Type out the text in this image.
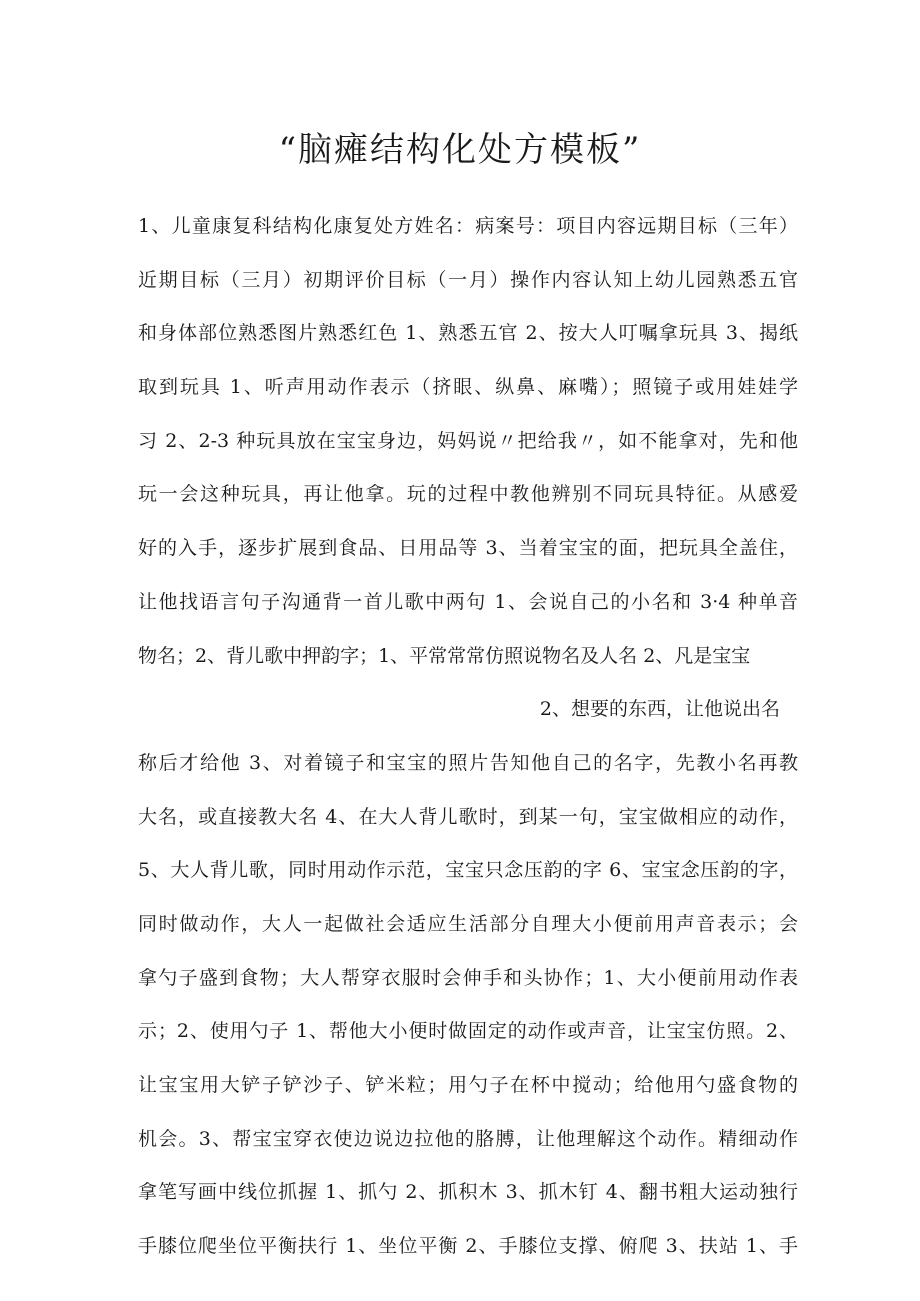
“脑瘫结构化处方模板”
1、儿童康复科结构化康复处方姓名：病案号：项目内容远期目标（三年）
近期目标（三月）初期评价目标（一月）操作内容认知上幼儿园熟悉五官
和身体部位熟悉图片熟悉红色 1、熟悉五官 2、按大人叮嘱拿玩具 3、揭纸
取到玩具 1、听声用动作表示（挤眼、纵鼻、麻嘴）；照镜子或用娃娃学
习 2、2-3 种玩具放在宝宝身边，妈妈说〃把给我〃，如不能拿对，先和他
玩一会这种玩具，再让他拿。玩的过程中教他辨别不同玩具特征。从感爱
好的入手，逐步扩展到食品、日用品等 3、当着宝宝的面，把玩具全盖住，
让他找语言句子沟通背一首儿歌中两句 1、会说自己的小名和 3·4 种单音
物名；2、背儿歌中押韵字；1、平常常常仿照说物名及人名 2、凡是宝宝
2、想要的东西，让他说出名
称后才给他 3、对着镜子和宝宝的照片告知他自己的名字，先教小名再教
大名，或直接教大名 4、在大人背儿歌时，到某一句，宝宝做相应的动作，
5、大人背儿歌，同时用动作示范，宝宝只念压韵的字 6、宝宝念压韵的字，
同时做动作，大人一起做社会适应生活部分自理大小便前用声音表示；会
拿勺子盛到食物；大人帮穿衣服时会伸手和头协作；1、大小便前用动作表
示；2、使用勺子 1、帮他大小便时做固定的动作或声音，让宝宝仿照。2、
让宝宝用大铲子铲沙子、铲米粒；用勺子在杯中搅动；给他用勺盛食物的
机会。3、帮宝宝穿衣使边说边拉他的胳膊，让他理解这个动作。精细动作
拿笔写画中线位抓握 1、抓勺 2、抓积木 3、抓木钉 4、翻书粗大运动独行
手膝位爬坐位平衡扶行 1、坐位平衡 2、手膝位支撑、俯爬 3、扶站 1、手
